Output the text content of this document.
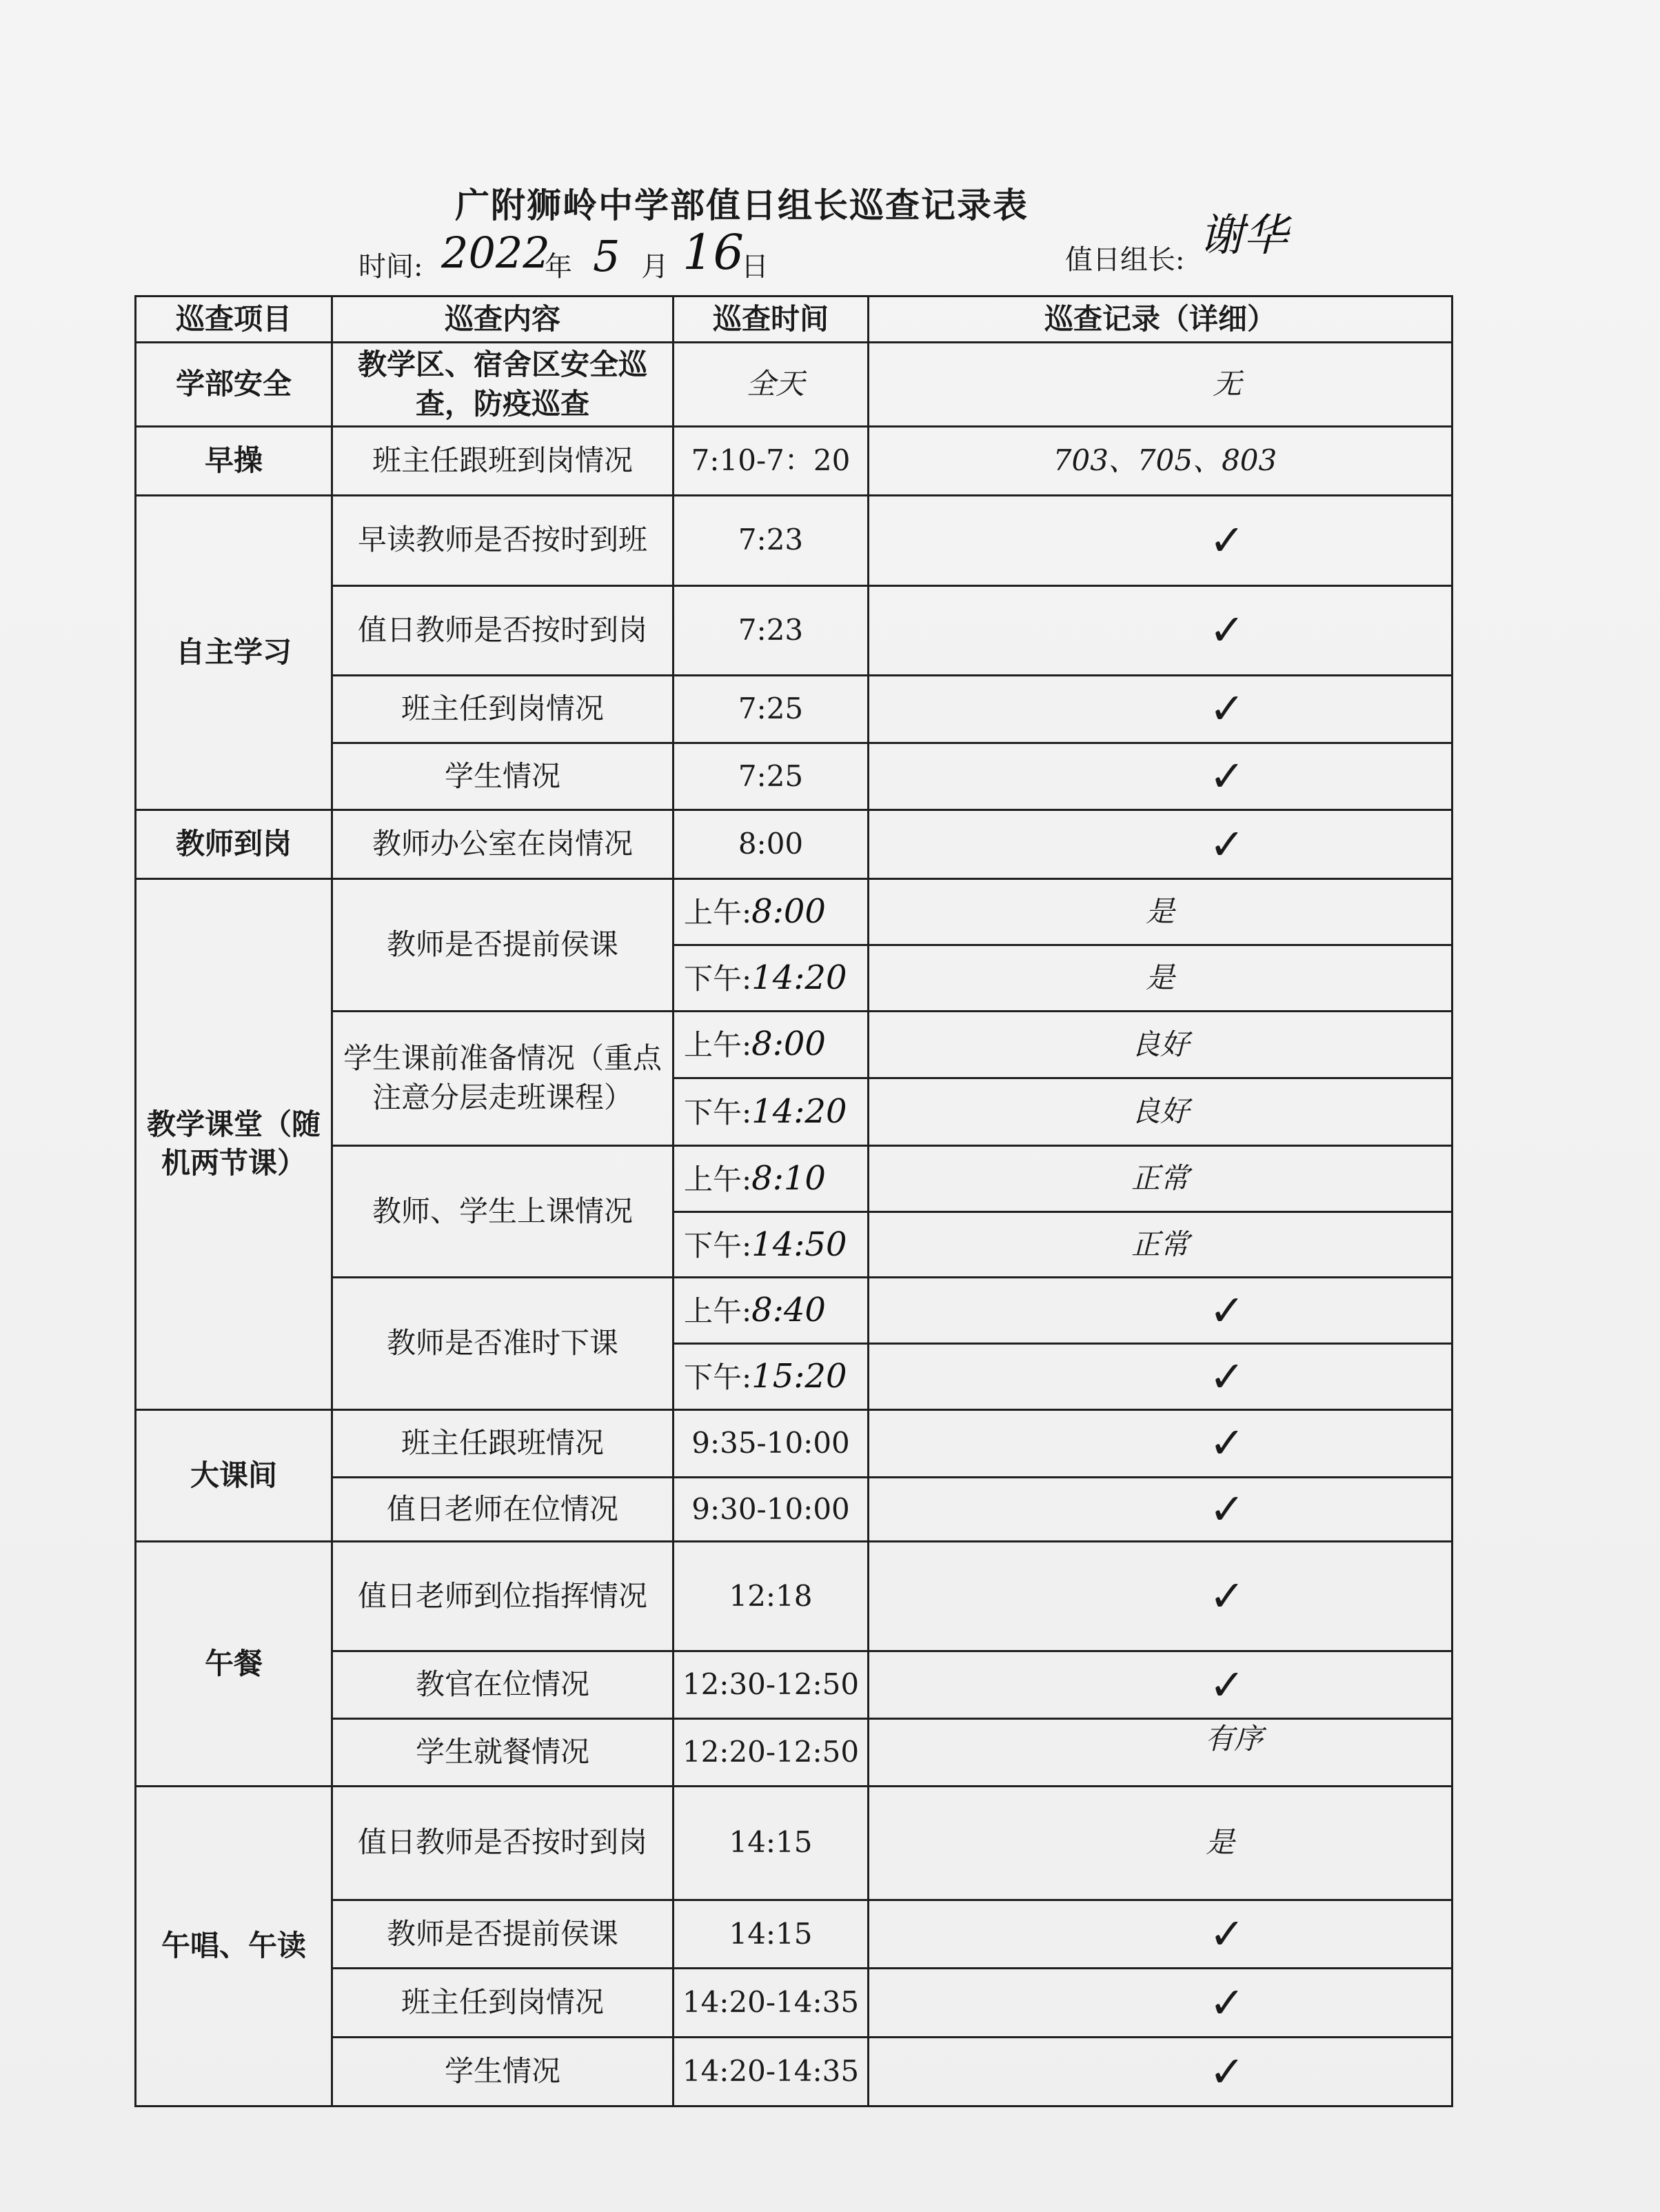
广附狮岭中学部值日组长巡查记录表
时间: 2022
年 5 月 16
日	值日组长: 谢华
巡查项目	巡查内容	巡查时间	巡查记录（详细）
学部安全	教学区、宿舍区安全巡查，防疫巡查	全天	无
早操	班主任跟班到岗情况	7:10-7：20	703、705、803
自主学习	早读教师是否按时到班	7:23	✓
	值日教师是否按时到岗	7:23	✓
	班主任到岗情况	7:25	✓
	学生情况	7:25	✓
教师到岗	教师办公室在岗情况	8:00	✓
教学课堂（随机两节课）	教师是否提前侯课	上午:8:00	是
		下午:14:20	是
	学生课前准备情况（重点注意分层走班课程）	上午:8:00	良好
		下午:14:20	良好
	教师、学生上课情况	上午:8:10	正常
		下午:14:50	正常
	教师是否准时下课	上午:8:40	✓
		下午:15:20	✓
大课间	班主任跟班情况	9:35-10:00	✓
	值日老师在位情况	9:30-10:00	✓
午餐	值日老师到位指挥情况	12:18	✓
	教官在位情况	12:30-12:50	✓
	学生就餐情况	12:20-12:50	有序
午唱、午读	值日教师是否按时到岗	14:15	是
	教师是否提前侯课	14:15	✓
	班主任到岗情况	14:20-14:35	✓
	学生情况	14:20-14:35	✓
